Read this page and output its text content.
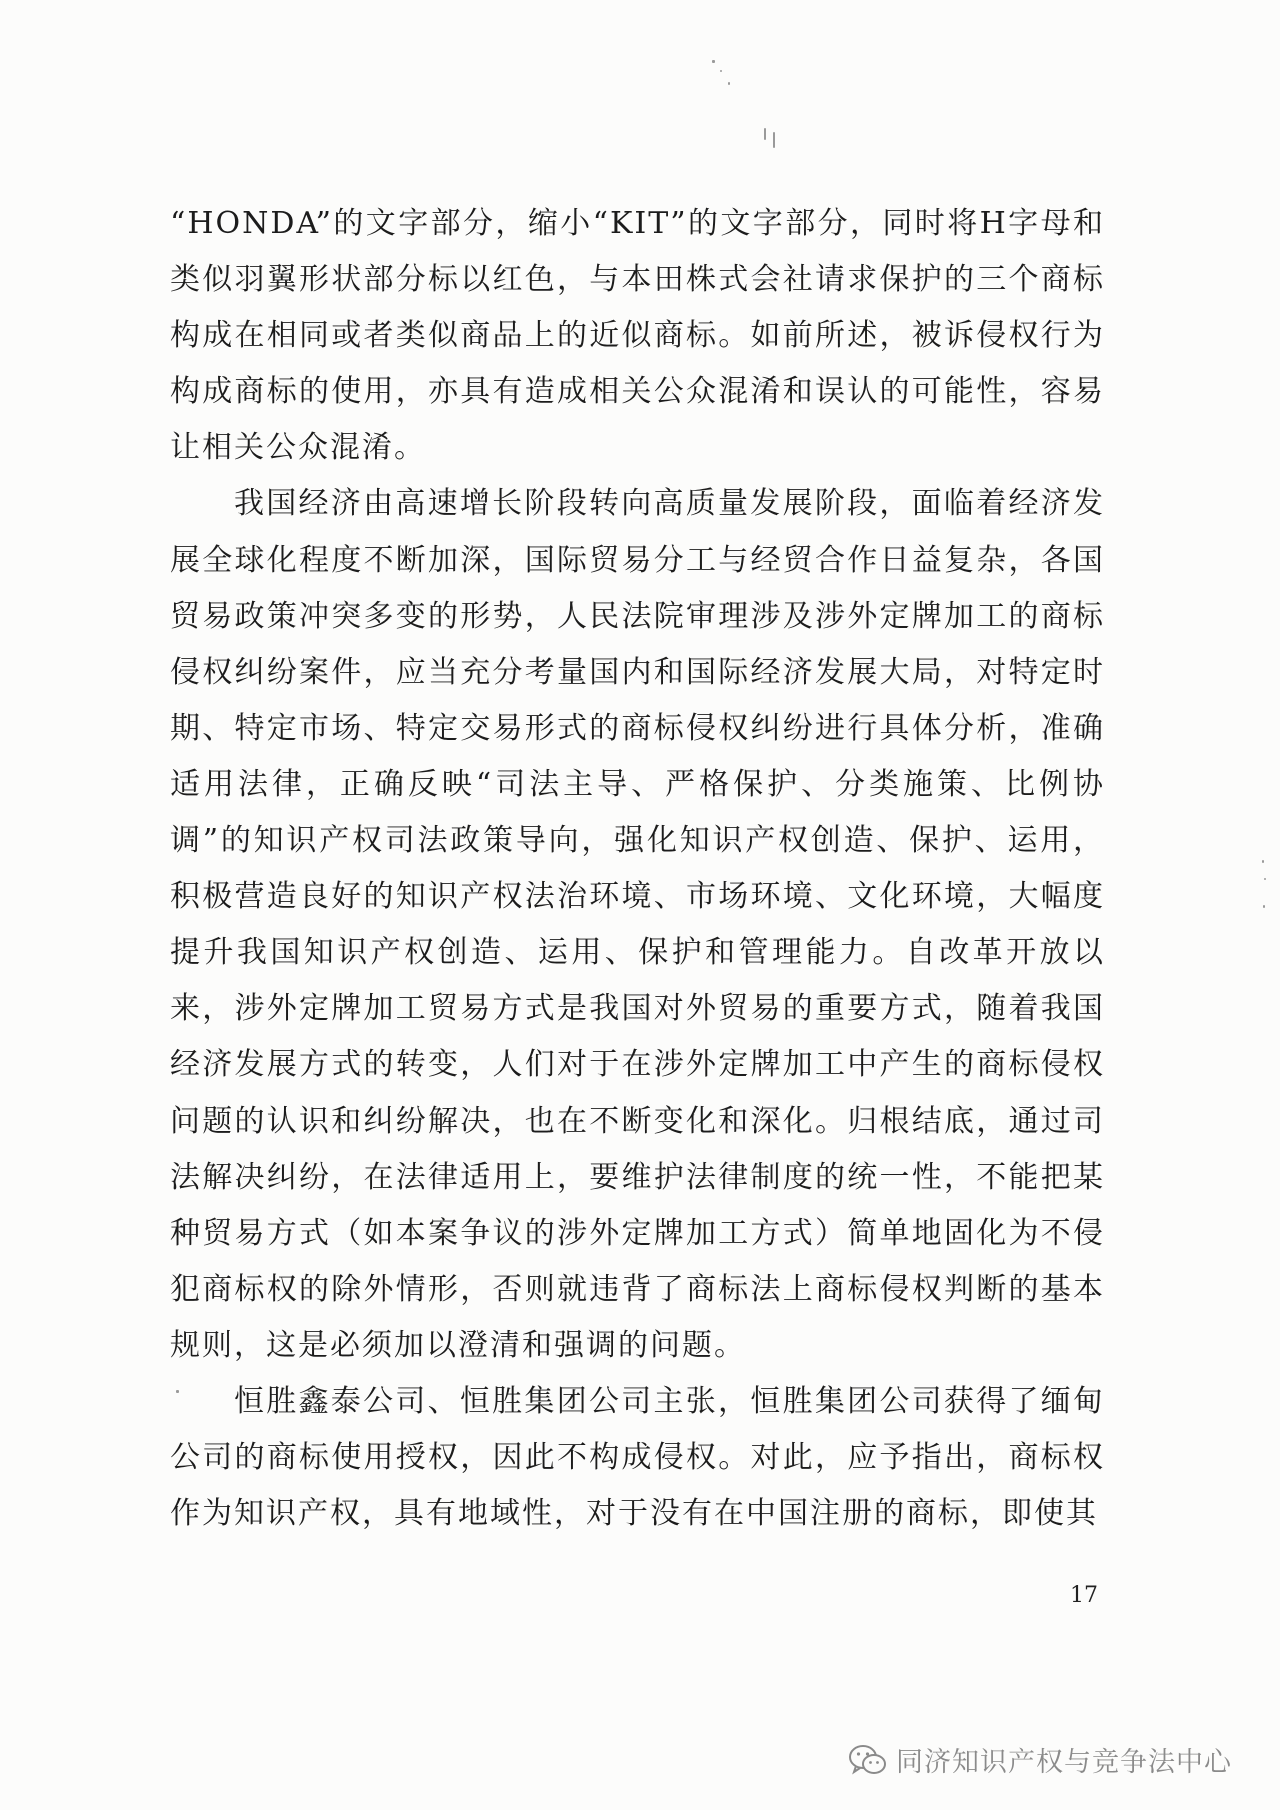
“HONDA”的文字部分，缩小“KIT”的文字部分，同时将H字母和类似羽翼形状部分标以红色，与本田株式会社请求保护的三个商标构成在相同或者类似商品上的近似商标。如前所述，被诉侵权行为构成商标的使用，亦具有造成相关公众混淆和误认的可能性，容易让相关公众混淆。

我国经济由高速增长阶段转向高质量发展阶段，面临着经济发展全球化程度不断加深，国际贸易分工与经贸合作日益复杂，各国贸易政策冲突多变的形势，人民法院审理涉及涉外定牌加工的商标侵权纠纷案件，应当充分考量国内和国际经济发展大局，对特定时期、特定市场、特定交易形式的商标侵权纠纷进行具体分析，准确适用法律，正确反映“司法主导、严格保护、分类施策、比例协调”的知识产权司法政策导向，强化知识产权创造、保护、运用，积极营造良好的知识产权法治环境、市场环境、文化环境，大幅度提升我国知识产权创造、运用、保护和管理能力。自改革开放以来，涉外定牌加工贸易方式是我国对外贸易的重要方式，随着我国经济发展方式的转变，人们对于在涉外定牌加工中产生的商标侵权问题的认识和纠纷解决，也在不断变化和深化。归根结底，通过司法解决纠纷，在法律适用上，要维护法律制度的统一性，不能把某种贸易方式（如本案争议的涉外定牌加工方式）简单地固化为不侵犯商标权的除外情形，否则就违背了商标法上商标侵权判断的基本规则，这是必须加以澄清和强调的问题。

恒胜鑫泰公司、恒胜集团公司主张，恒胜集团公司获得了缅甸公司的商标使用授权，因此不构成侵权。对此，应予指出，商标权作为知识产权，具有地域性，对于没有在中国注册的商标，即使其

17
同济知识产权与竞争法中心
